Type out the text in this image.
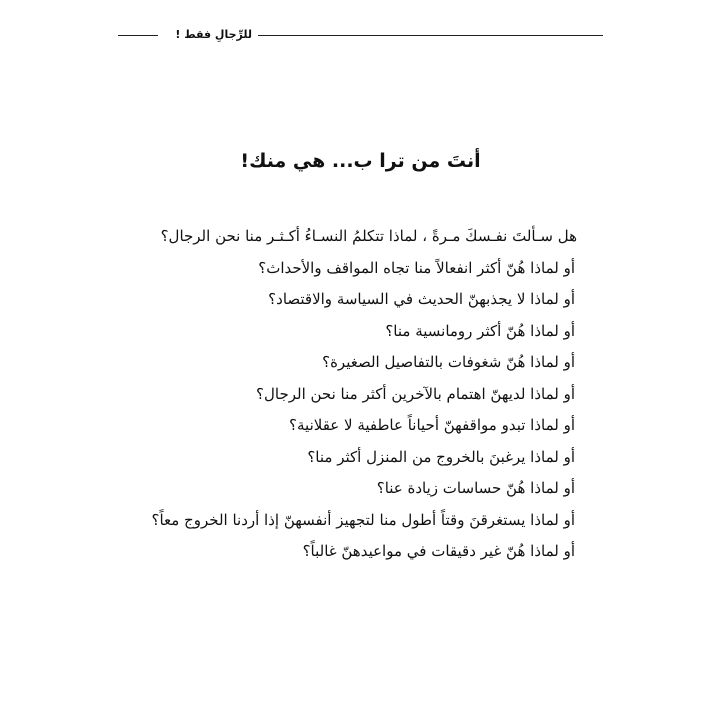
للرِّجالِ فقط !
أنتَ من ترا ب... هي منك!

هل سـألتَ نفـسكَ مـرةً ، لماذا تتكلمُ النسـاءُ أكـثـر منا نحن الرجال؟

أو لماذا هُنّ أكثر انفعالاً منا تجاه المواقف والأحداث؟

أو لماذا لا يجذبهنّ الحديث في السياسة والاقتصاد؟

أو لماذا هُنّ أكثر رومانسية منا؟

أو لماذا هُنّ شغوفات بالتفاصيل الصغيرة؟

أو لماذا لديهنّ اهتمام بالآخرين أكثر منا نحن الرجال؟

أو لماذا تبدو مواقفهنّ أحياناً عاطفية لا عقلانية؟

أو لماذا يرغبنَ بالخروج من المنزل أكثر منا؟

أو لماذا هُنّ حساسات زيادة عنا؟

أو لماذا يستغرقنَ وقتاً أطول منا لتجهيز أنفسهنّ إذا أردنا الخروج معاً؟

أو لماذا هُنّ غير دقيقات في مواعيدهنّ غالباً؟
